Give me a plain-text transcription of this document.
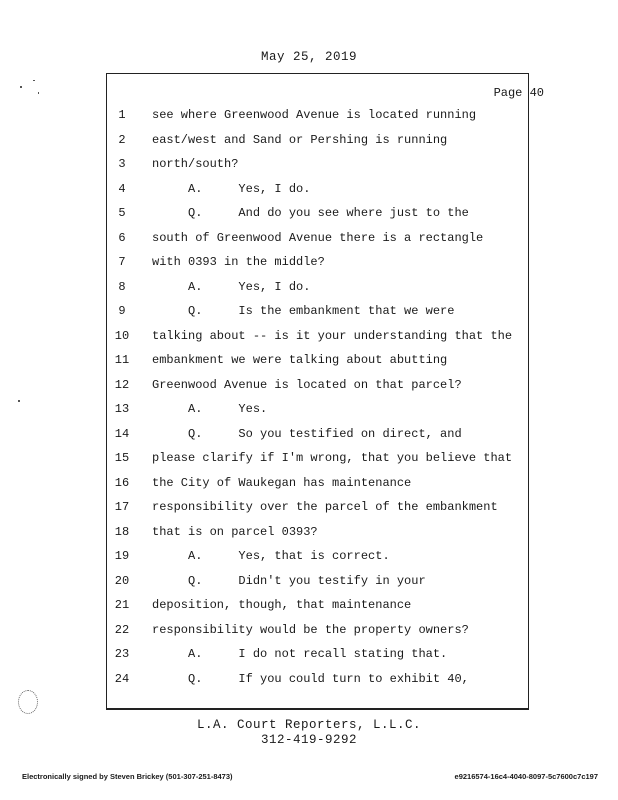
May 25, 2019
Page 40
1	see where Greenwood Avenue is located running
2	east/west and Sand or Pershing is running
3	north/south?
4	A.     Yes, I do.
5	Q.     And do you see where just to the
6	south of Greenwood Avenue there is a rectangle
7	with 0393 in the middle?
8	A.     Yes, I do.
9	Q.     Is the embankment that we were
10 talking about -- is it your understanding that the
11 embankment we were talking about abutting
12 Greenwood Avenue is located on that parcel?
13 A.     Yes.
14 Q.     So you testified on direct, and
15 please clarify if I'm wrong, that you believe that
16 the City of Waukegan has maintenance
17 responsibility over the parcel of the embankment
18 that is on parcel 0393?
19 A.     Yes, that is correct.
20 Q.     Didn't you testify in your
21 deposition, though, that maintenance
22 responsibility would be the property owners?
23 A.     I do not recall stating that.
24 Q.     If you could turn to exhibit 40,
L.A. Court Reporters, L.L.C.
312-419-9292
Electronically signed by Steven Brickey (501-307-251-8473)	e9216574-16c4-4040-8097-5c7600c7c197
